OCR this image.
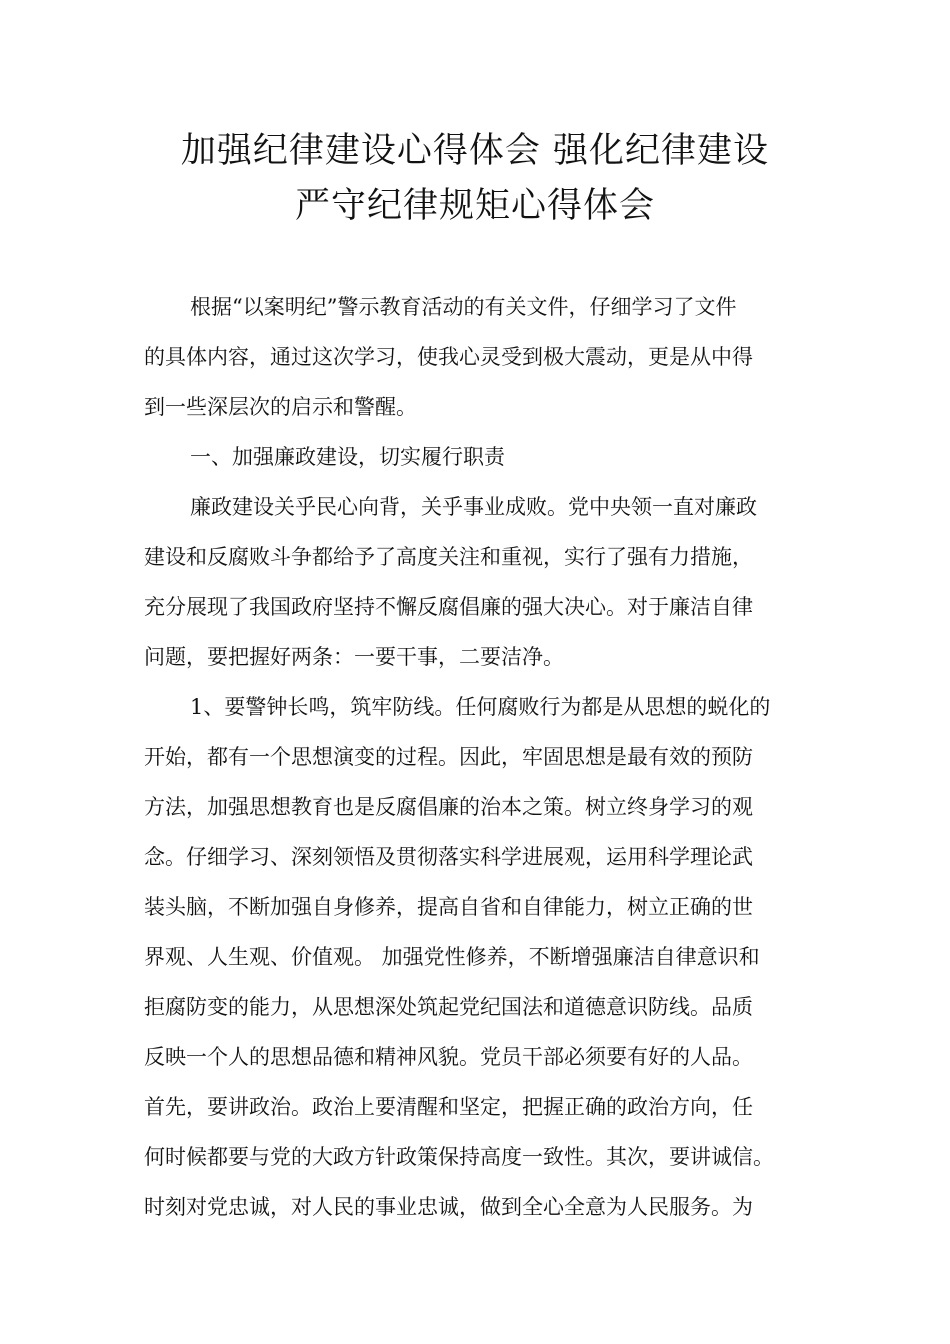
加强纪律建设心得体会 强化纪律建设
严守纪律规矩心得体会
根据“以案明纪”警示教育活动的有关文件，仔细学习了文件
的具体内容，通过这次学习，使我心灵受到极大震动，更是从中得
到一些深层次的启示和警醒。
一、加强廉政建设，切实履行职责
廉政建设关乎民心向背，关乎事业成败。党中央领一直对廉政
建设和反腐败斗争都给予了高度关注和重视，实行了强有力措施，
充分展现了我国政府坚持不懈反腐倡廉的强大决心。对于廉洁自律
问题，要把握好两条：一要干事，二要洁净。
1、要警钟长鸣，筑牢防线。任何腐败行为都是从思想的蜕化的
开始，都有一个思想演变的过程。因此，牢固思想是最有效的预防
方法，加强思想教育也是反腐倡廉的治本之策。树立终身学习的观
念。仔细学习、深刻领悟及贯彻落实科学进展观，运用科学理论武
装头脑，不断加强自身修养，提高自省和自律能力，树立正确的世
界观、人生观、价值观。 加强党性修养，不断增强廉洁自律意识和
拒腐防变的能力，从思想深处筑起党纪国法和道德意识防线。品质
反映一个人的思想品德和精神风貌。党员干部必须要有好的人品。
首先，要讲政治。政治上要清醒和坚定，把握正确的政治方向，任
何时候都要与党的大政方针政策保持高度一致性。其次，要讲诚信。
时刻对党忠诚，对人民的事业忠诚，做到全心全意为人民服务。为
